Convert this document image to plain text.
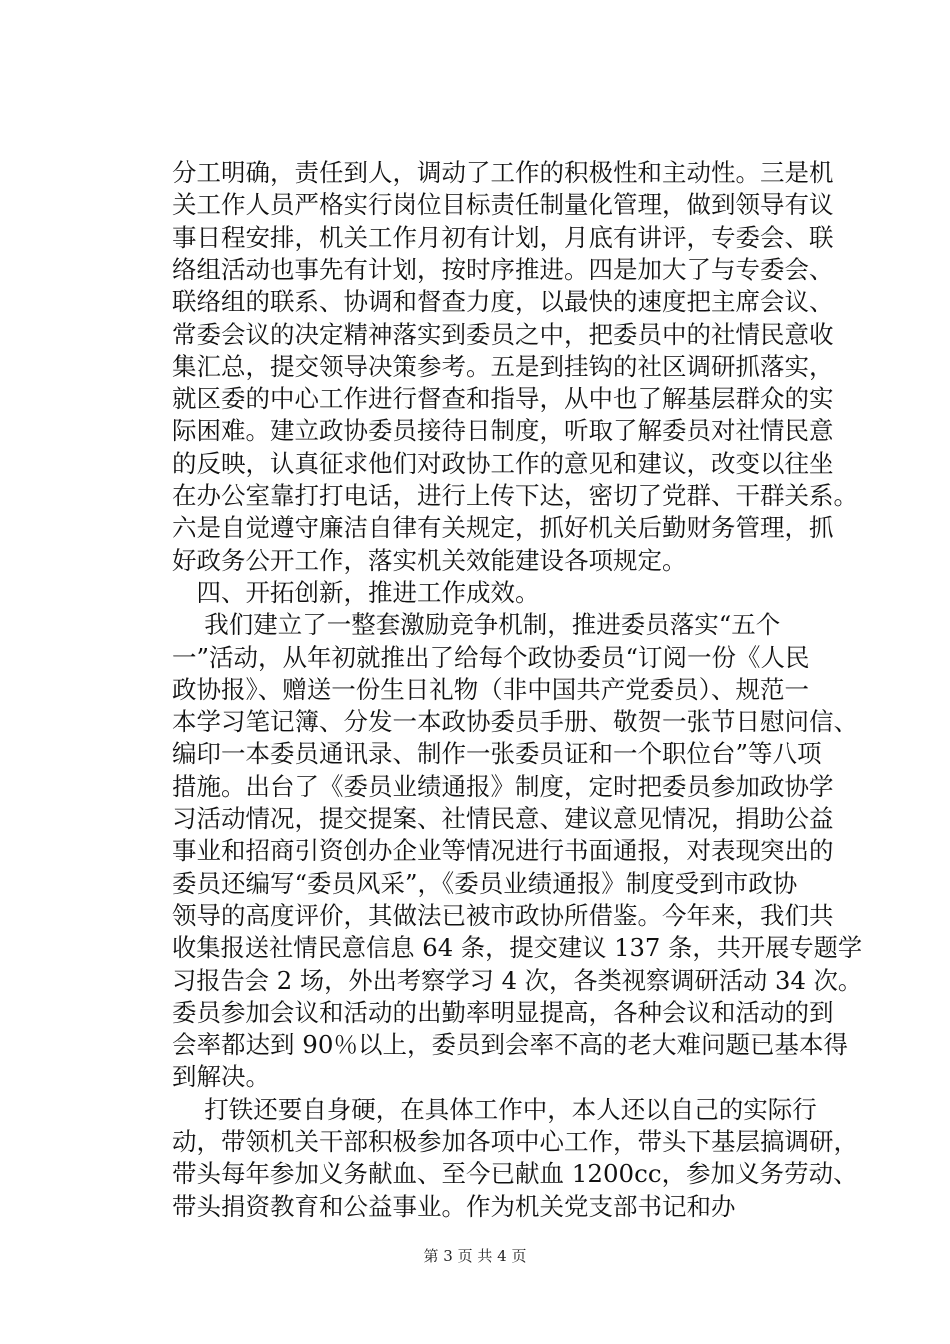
分工明确，责任到人，调动了工作的积极性和主动性。三是机
关工作人员严格实行岗位目标责任制量化管理，做到领导有议
事日程安排，机关工作月初有计划，月底有讲评，专委会、联
络组活动也事先有计划，按时序推进。四是加大了与专委会、
联络组的联系、协调和督查力度，以最快的速度把主席会议、
常委会议的决定精神落实到委员之中，把委员中的社情民意收
集汇总，提交领导决策参考。五是到挂钩的社区调研抓落实，
就区委的中心工作进行督查和指导，从中也了解基层群众的实
际困难。建立政协委员接待日制度，听取了解委员对社情民意
的反映，认真征求他们对政协工作的意见和建议，改变以往坐
在办公室靠打打电话，进行上传下达，密切了党群、干群关系。
六是自觉遵守廉洁自律有关规定，抓好机关后勤财务管理，抓
好政务公开工作，落实机关效能建设各项规定。
　四、开拓创新，推进工作成效。
　 我们建立了一整套激励竞争机制，推进委员落实“五个
一”活动，从年初就推出了给每个政协委员“订阅一份《人民
政协报》、赠送一份生日礼物（非中国共产党委员）、规范一
本学习笔记簿、分发一本政协委员手册、敬贺一张节日慰问信、
编印一本委员通讯录、制作一张委员证和一个职位台”等八项
措施。出台了《委员业绩通报》制度，定时把委员参加政协学
习活动情况，提交提案、社情民意、建议意见情况，捐助公益
事业和招商引资创办企业等情况进行书面通报，对表现突出的
委员还编写“委员风采”，《委员业绩通报》制度受到市政协
领导的高度评价，其做法已被市政协所借鉴。今年来，我们共
收集报送社情民意信息 64 条，提交建议 137 条，共开展专题学
习报告会 2 场，外出考察学习 4 次，各类视察调研活动 34 次。
委员参加会议和活动的出勤率明显提高，各种会议和活动的到
会率都达到 90％以上，委员到会率不高的老大难问题已基本得
到解决。
　 打铁还要自身硬，在具体工作中，本人还以自己的实际行
动，带领机关干部积极参加各项中心工作，带头下基层搞调研，
带头每年参加义务献血、至今已献血 1200cc，参加义务劳动、
带头捐资教育和公益事业。作为机关党支部书记和办
第 3 页 共 4 页
